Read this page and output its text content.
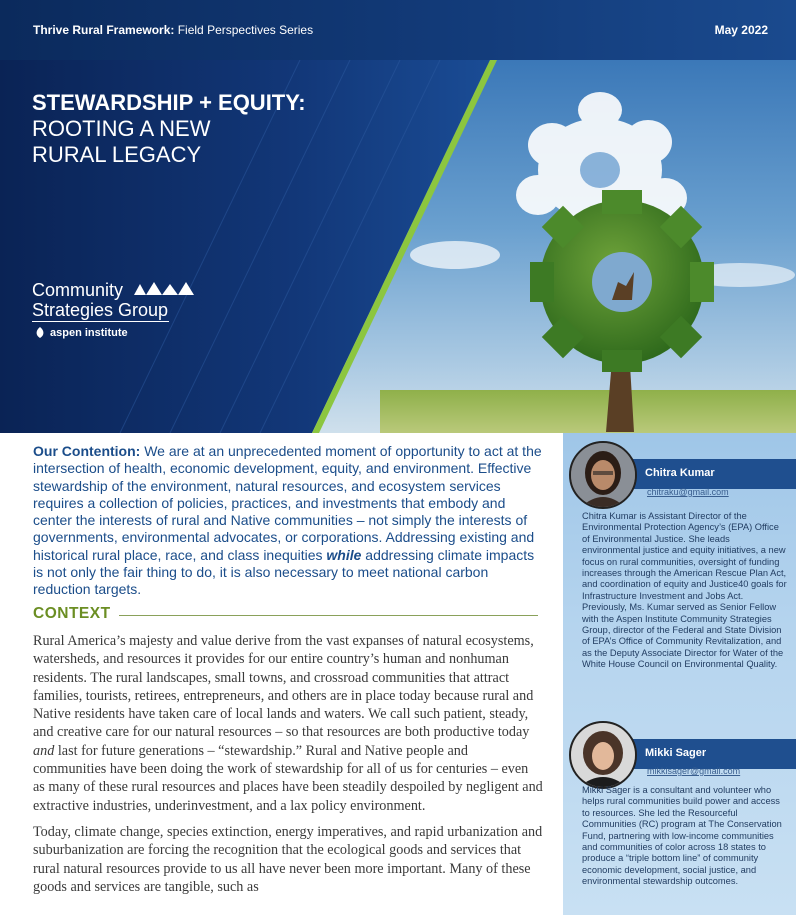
Thrive Rural Framework: Field Perspectives Series	May 2022
STEWARDSHIP + EQUITY:
ROOTING A NEW
RURAL LEGACY
Community
Strategies Group
aspen institute
Our Contention: We are at an unprecedented moment of opportunity to act at the intersection of health, economic development, equity, and environment. Effective stewardship of the environment, natural resources, and ecosystem services requires a collection of policies, practices, and investments that embody and center the interests of rural and Native communities – not simply the interests of governments, environmental advocates, or corporations. Addressing existing and historical rural place, race, and class inequities while addressing climate impacts is not only the fair thing to do, it is also necessary to meet national carbon reduction targets.
CONTEXT

Rural America’s majesty and value derive from the vast expanses of natural ecosystems, watersheds, and resources it provides for our entire country’s human and nonhuman residents. The rural landscapes, small towns, and crossroad communities that attract families, tourists, retirees, entrepreneurs, and others are in place today because rural and Native residents have taken care of local lands and waters. We call such patient, steady, and creative care for our natural resources – so that resources are both productive today and last for future generations – “stewardship.” Rural and Native people and communities have been doing the work of stewardship for all of us for centuries – even as many of these rural resources and places have been steadily despoiled by negligent and extractive industries, underinvestment, and a lax policy environment.

Today, climate change, species extinction, energy imperatives, and rapid urbanization and suburbanization are forcing the recognition that the ecological goods and services that rural natural resources provide to us all have never been more important. Many of these goods and services are tangible, such as

Chitra Kumar
chitraku@gmail.com
Chitra Kumar is Assistant Director of the Environmental Protection Agency’s (EPA) Office of Environmental Justice. She leads environmental justice and equity initiatives, a new focus on rural communities, oversight of funding increases through the American Rescue Plan Act, and coordination of equity and Justice40 goals for Infrastructure Investment and Jobs Act. Previously, Ms. Kumar served as Senior Fellow with the Aspen Institute Community Strategies Group, director of the Federal and State Division of EPA’s Office of Community Revitalization, and as the Deputy Associate Director for Water of the White House Council on Environmental Quality.
Mikki Sager
mikkisager@gmail.com
Mikki Sager is a consultant and volunteer who helps rural communities build power and access to resources. She led the Resourceful Communities (RC) program at The Conservation Fund, partnering with low-income communities and communities of color across 18 states to produce a “triple bottom line” of community economic development, social justice, and environmental stewardship outcomes.
